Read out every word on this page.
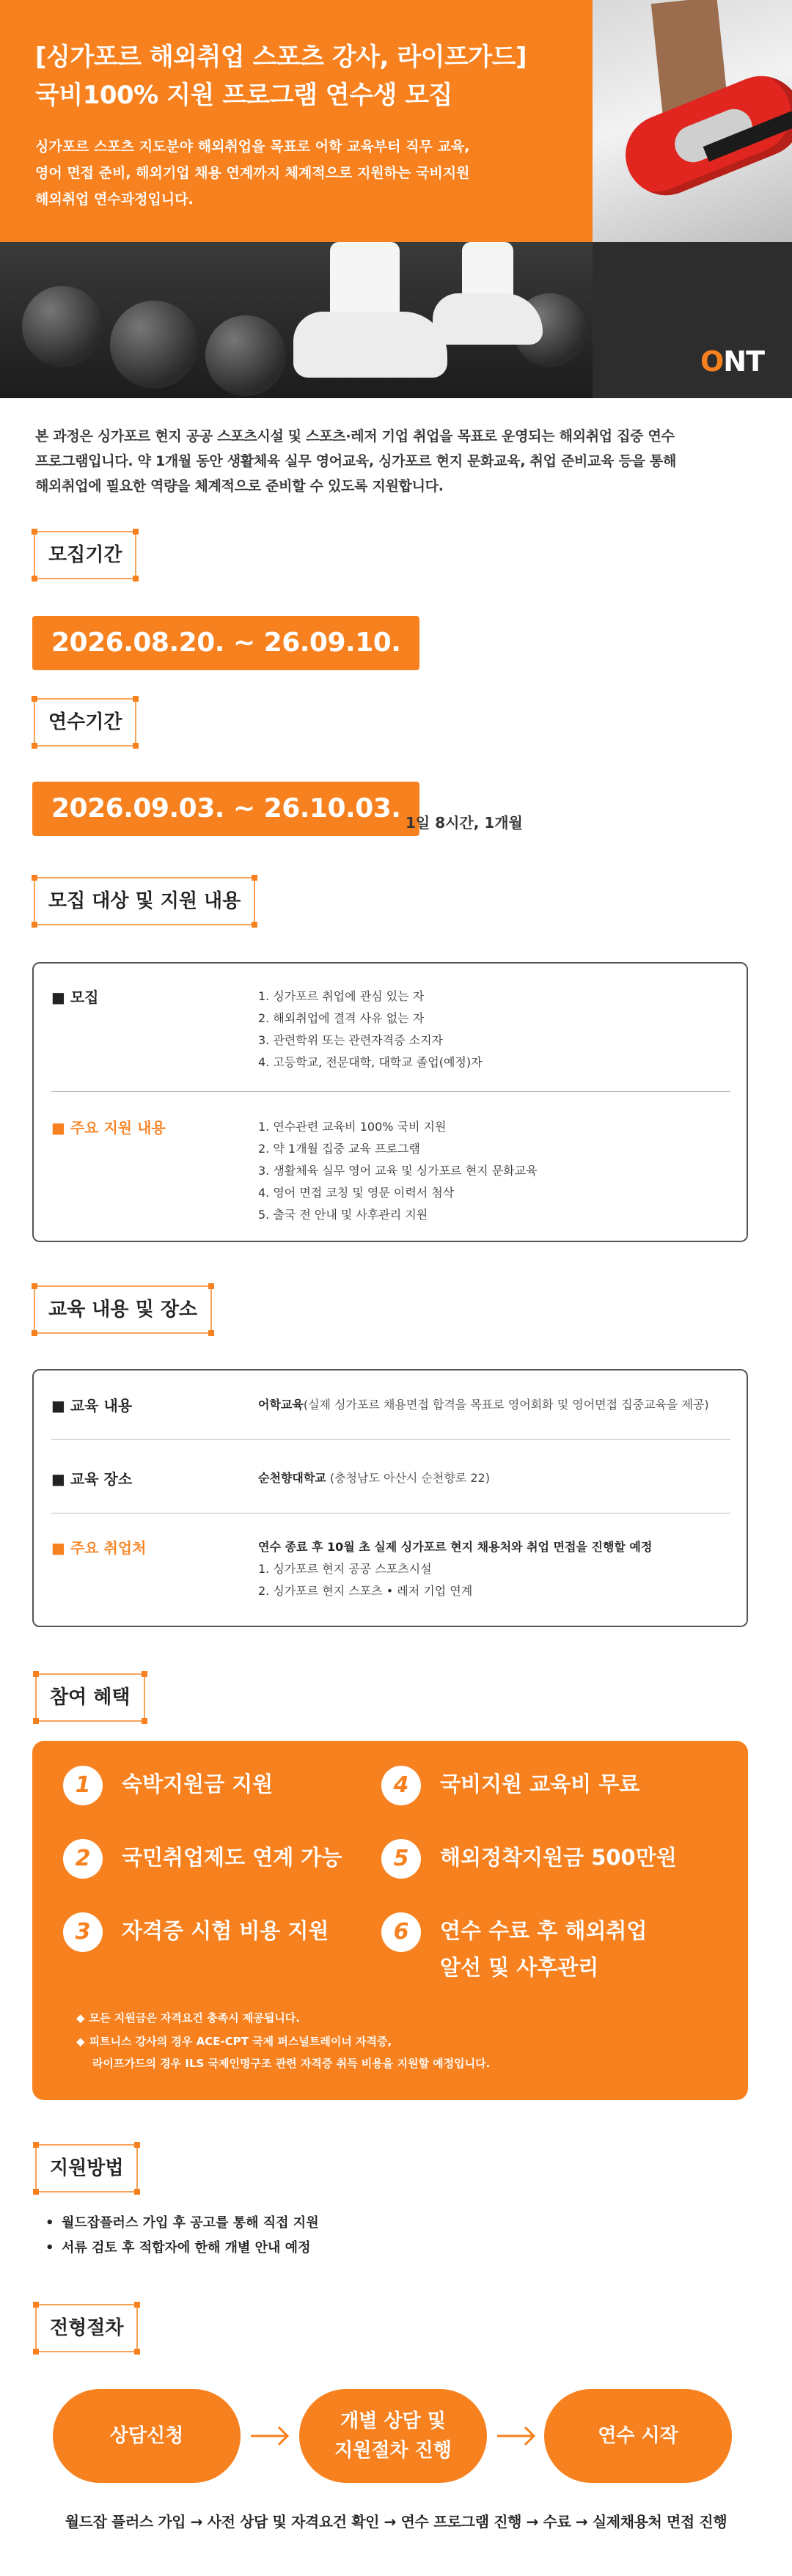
[싱가포르 해외취업 스포츠 강사, 라이프가드]
국비100% 지원 프로그램 연수생 모집
싱가포르 스포츠 지도분야 해외취업을 목표로 어학 교육부터 직무 교육,
영어 면접 준비, 해외기업 채용 연계까지 체계적으로 지원하는 국비지원
해외취업 연수과정입니다.
ONT
본 과정은 싱가포르 현지 공공 스포츠시설 및 스포츠·레저 기업 취업을 목표로 운영되는 해외취업 집중 연수
프로그램입니다. 약 1개월 동안 생활체육 실무 영어교육, 싱가포르 현지 문화교육, 취업 준비교육 등을 통해
해외취업에 필요한 역량을 체계적으로 준비할 수 있도록 지원합니다.
모집기간
2026.08.20. ~ 26.09.10.
연수기간
2026.09.03. ~ 26.10.03. 1일 8시간, 1개월
모집 대상 및 지원 내용
■ 모집	1. 싱가포르 취업에 관심 있는 자
2. 해외취업에 결격 사유 없는 자
3. 관련학위 또는 관련자격증 소지자
4. 고등학교, 전문대학, 대학교 졸업(예정)자
■ 주요 지원 내용	1. 연수관련 교육비 100% 국비 지원
2. 약 1개월 집중 교육 프로그램
3. 생활체육 실무 영어 교육 및 싱가포르 현지 문화교육
4. 영어 면접 코칭 및 영문 이력서 첨삭
5. 출국 전 안내 및 사후관리 지원
교육 내용 및 장소
■ 교육 내용	어학교육(실제 싱가포르 채용면접 합격을 목표로 영어회화 및 영어면접 집중교육을 제공)
■ 교육 장소	순천향대학교 (충청남도 아산시 순천향로 22)
■ 주요 취업처	연수 종료 후 10월 초 실제 싱가포르 현지 채용처와 취업 면접을 진행할 예정
1. 싱가포르 현지 공공 스포츠시설
2. 싱가포르 현지 스포츠 • 레저 기업 연계
참여 혜택
1	숙박지원금 지원	4	국비지원 교육비 무료
2	국민취업제도 연계 가능	5	해외정착지원금 500만원
3	자격증 시험 비용 지원	6	연수 수료 후 해외취업
알선 및 사후관리
◆ 모든 지원금은 자격요건 충족시 제공됩니다.
◆ 피트니스 강사의 경우 ACE-CPT 국제 퍼스널트레이너 자격증,
라이프가드의 경우 ILS 국제인명구조 관련 자격증 취득 비용을 지원할 예정입니다.
지원방법
• 월드잡플러스 가입 후 공고를 통해 직접 지원
• 서류 검토 후 적합자에 한해 개별 안내 예정
전형절차
상담신청
개별 상담 및
지원절차 진행
연수 시작
월드잡 플러스 가입 → 사전 상담 및 자격요건 확인 → 연수 프로그램 진행 → 수료 → 실제채용처 면접 진행
